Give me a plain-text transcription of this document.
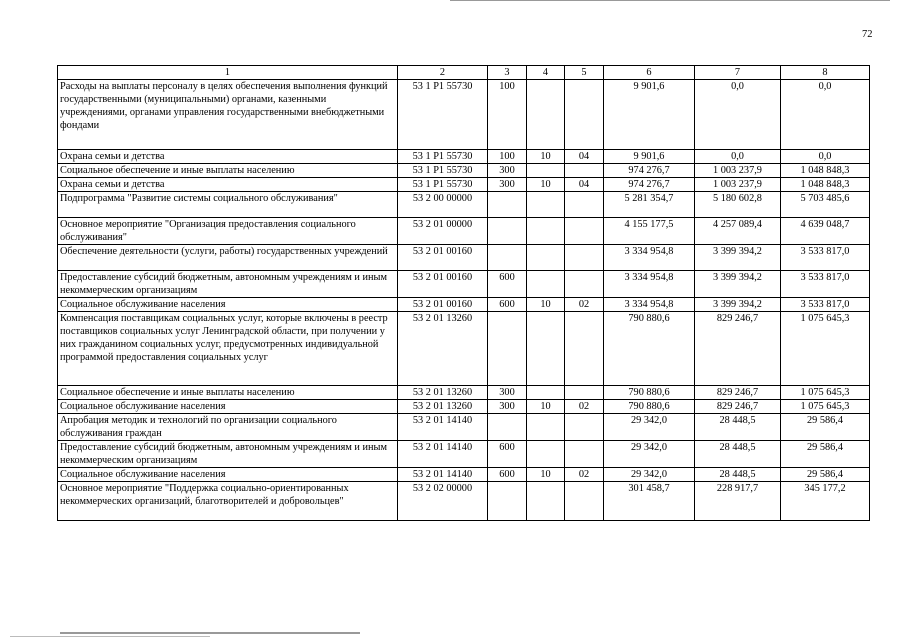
72
1	2	3	4	5	6	7	8
Расходы на выплаты персоналу в целях обеспечения выполнения функций государственными (муниципальными) органами, казенными учреждениями, органами управления государственными внебюджетными фондами	53 1 P1 55730	100			9 901,6	0,0	0,0
Охрана семьи и детства	53 1 P1 55730	100	10	04	9 901,6	0,0	0,0
Социальное обеспечение и иные выплаты населению	53 1 P1 55730	300			974 276,7	1 003 237,9	1 048 848,3
Охрана семьи и детства	53 1 P1 55730	300	10	04	974 276,7	1 003 237,9	1 048 848,3
Подпрограмма "Развитие системы социального обслуживания"	53 2 00 00000				5 281 354,7	5 180 602,8	5 703 485,6
Основное мероприятие "Организация предоставления социального обслуживания"	53 2 01 00000				4 155 177,5	4 257 089,4	4 639 048,7
Обеспечение деятельности (услуги, работы) государственных учреждений	53 2 01 00160				3 334 954,8	3 399 394,2	3 533 817,0
Предоставление субсидий бюджетным, автономным учреждениям и иным некоммерческим организациям	53 2 01 00160	600			3 334 954,8	3 399 394,2	3 533 817,0
Социальное обслуживание населения	53 2 01 00160	600	10	02	3 334 954,8	3 399 394,2	3 533 817,0
Компенсация поставщикам социальных услуг, которые включены в реестр поставщиков социальных услуг Ленинградской области, при получении у них гражданином социальных услуг, предусмотренных индивидуальной программой предоставления социальных услуг	53 2 01 13260				790 880,6	829 246,7	1 075 645,3
Социальное обеспечение и иные выплаты населению	53 2 01 13260	300			790 880,6	829 246,7	1 075 645,3
Социальное обслуживание населения	53 2 01 13260	300	10	02	790 880,6	829 246,7	1 075 645,3
Апробация методик и технологий по организации социального обслуживания граждан	53 2 01 14140				29 342,0	28 448,5	29 586,4
Предоставление субсидий бюджетным, автономным учреждениям и иным некоммерческим организациям	53 2 01 14140	600			29 342,0	28 448,5	29 586,4
Социальное обслуживание населения	53 2 01 14140	600	10	02	29 342,0	28 448,5	29 586,4
Основное мероприятие "Поддержка социально-ориентированных некоммерческих организаций, благотворителей и добровольцев"	53 2 02 00000				301 458,7	228 917,7	345 177,2
